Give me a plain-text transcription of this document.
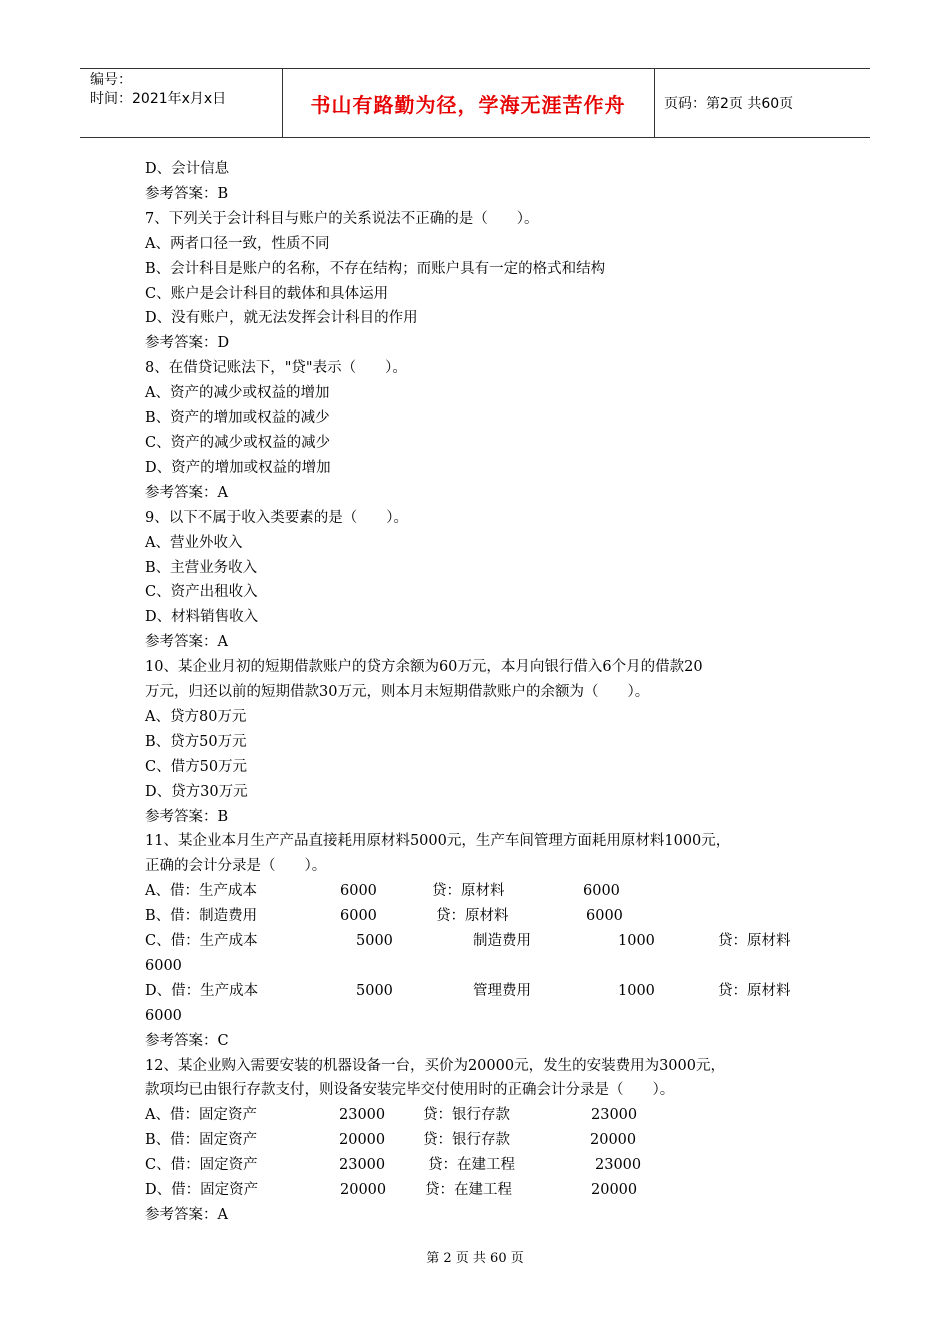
编号：
时间：2021年x月x日	书山有路勤为径，学海无涯苦作舟	页码：第2页 共60页
D、会计信息
参考答案：B
7、下列关于会计科目与账户的关系说法不正确的是（　　）。
A、两者口径一致，性质不同
B、会计科目是账户的名称，不存在结构；而账户具有一定的格式和结构
C、账户是会计科目的载体和具体运用
D、没有账户，就无法发挥会计科目的作用
参考答案：D
8、在借贷记账法下，"贷"表示（　　）。
A、资产的减少或权益的增加
B、资产的增加或权益的减少
C、资产的减少或权益的减少
D、资产的增加或权益的增加
参考答案：A
9、以下不属于收入类要素的是（　　）。
A、营业外收入
B、主营业务收入
C、资产出租收入
D、材料销售收入
参考答案：A
10、某企业月初的短期借款账户的贷方余额为60万元，本月向银行借入6个月的借款20
万元，归还以前的短期借款30万元，则本月末短期借款账户的余额为（　　）。
A、贷方80万元
B、贷方50万元
C、借方50万元
D、贷方30万元
参考答案：B
11、某企业本月生产产品直接耗用原材料5000元，生产车间管理方面耗用原材料1000元，
正确的会计分录是（　　）。
A、借：生产成本	6000	贷：原材料	6000
B、借：制造费用	6000	贷：原材料	6000
C、借：生产成本	5000	制造费用	1000	贷：原材料
6000
D、借：生产成本	5000	管理费用	1000	贷：原材料
6000
参考答案：C
12、某企业购入需要安装的机器设备一台，买价为20000元，发生的安装费用为3000元，
款项均已由银行存款支付，则设备安装完毕交付使用时的正确会计分录是（　　）。
A、借：固定资产	23000	贷：银行存款	23000
B、借：固定资产	20000	贷：银行存款	20000
C、借：固定资产	23000	贷：在建工程	23000
D、借：固定资产	20000	贷：在建工程	20000
参考答案：A
第 2 页 共 60 页
